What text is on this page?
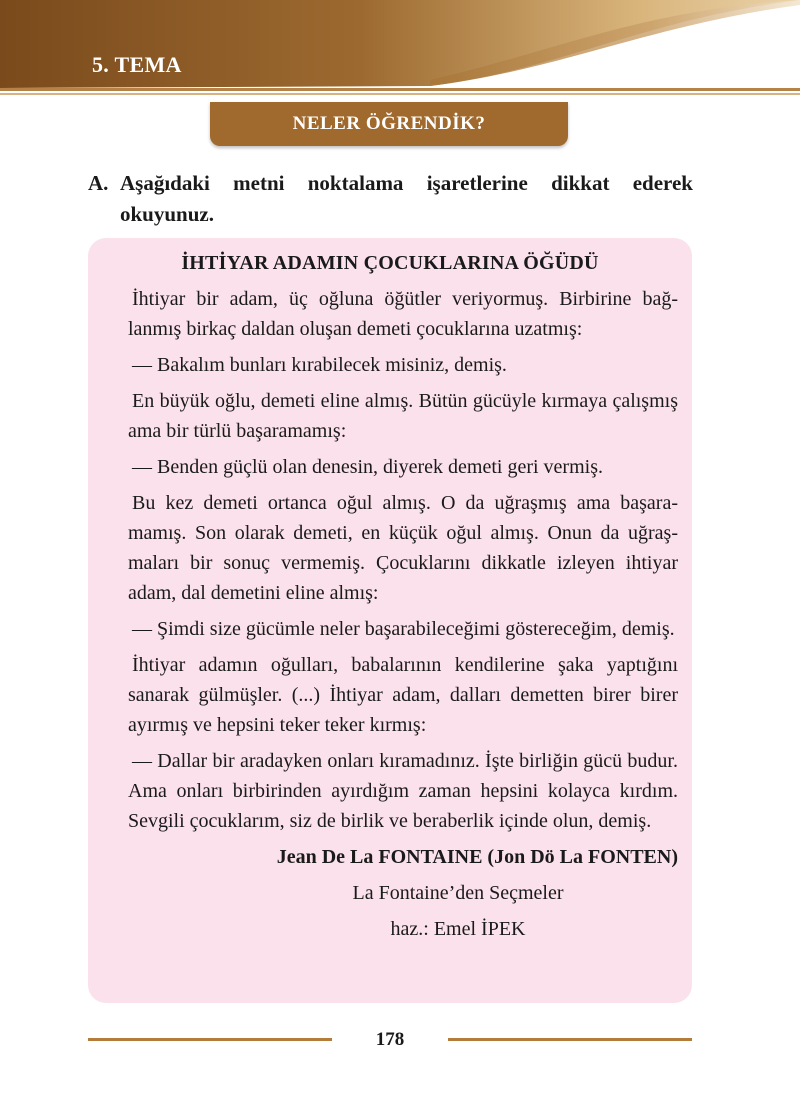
5. TEMA
NELER ÖĞRENDİK?
A. Aşağıdaki metni noktalama işaretlerine dikkat ederek okuyunuz.
İHTİYAR ADAMIN ÇOCUKLARINA ÖĞÜDÜ

İhtiyar bir adam, üç oğluna öğütler veriyormuş. Birbirine bağ-lanmış birkaç daldan oluşan demeti çocuklarına uzatmış:

— Bakalım bunları kırabilecek misiniz, demiş.

En büyük oğlu, demeti eline almış. Bütün gücüyle kırmaya çalışmış ama bir türlü başaramamış:

— Benden güçlü olan denesin, diyerek demeti geri vermiş.

Bu kez demeti ortanca oğul almış. O da uğraşmış ama başara-mamış. Son olarak demeti, en küçük oğul almış. Onun da uğraş-maları bir sonuç vermemiş. Çocuklarını dikkatle izleyen ihtiyar adam, dal demetini eline almış:

— Şimdi size gücümle neler başarabileceğimi göstereceğim, demiş.

İhtiyar adamın oğulları, babalarının kendilerine şaka yaptığını sanarak gülmüşler. (...) İhtiyar adam, dalları demetten birer birer ayırmış ve hepsini teker teker kırmış:

— Dallar bir aradayken onları kıramadınız. İşte birliğin gücü budur. Ama onları birbirinden ayırdığım zaman hepsini kolayca kırdım. Sevgili çocuklarım, siz de birlik ve beraberlik içinde olun, demiş.

Jean De La FONTAINE (Jon Dö La FONTEN)
La Fontaine’den Seçmeler
haz.: Emel İPEK
178
